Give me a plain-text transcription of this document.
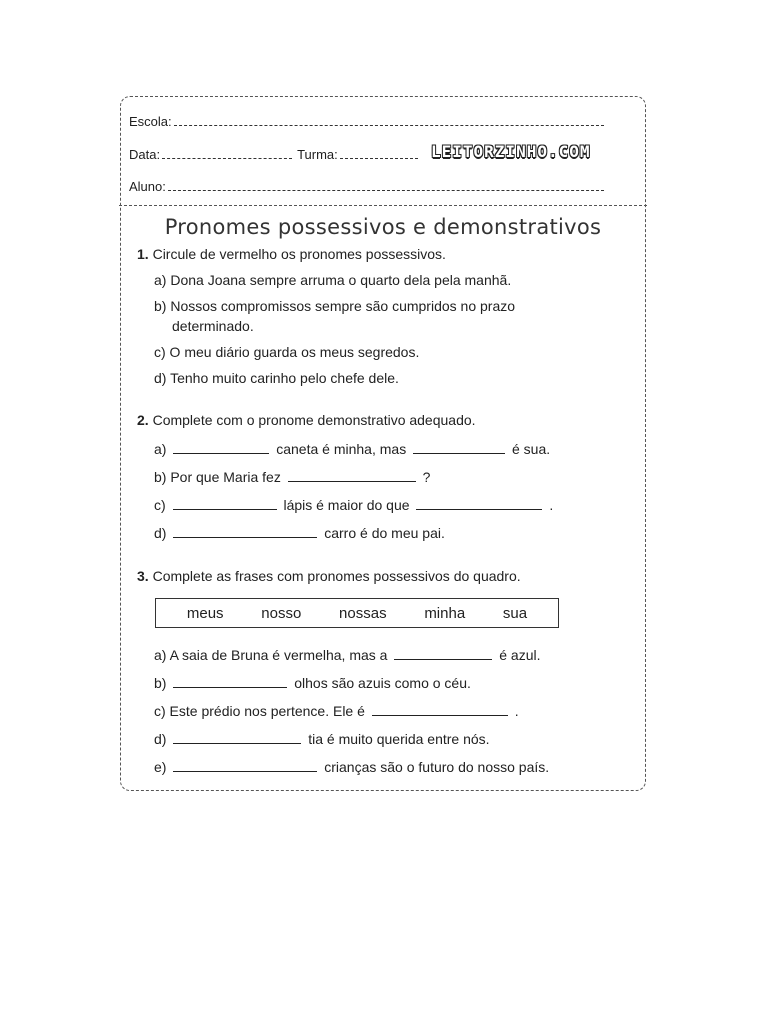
Escola:
Data:	Turma:	LEITORZINHO.COM
Aluno:
Pronomes possessivos e demonstrativos
1. Circule de vermelho os pronomes possessivos.
a) Dona Joana sempre arruma o quarto dela pela manhã.
b) Nossos compromissos sempre são cumpridos no prazo
determinado.
c) O meu diário guarda os meus segredos.
d) Tenho muito carinho pelo chefe dele.
2. Complete com o pronome demonstrativo adequado.
a)	caneta é minha, mas	é sua.
b) Por que Maria fez	?
c)	lápis é maior do que	.
d)	carro é do meu pai.
3. Complete as frases com pronomes possessivos do quadro.
meus	nosso	nossas	minha	sua
a) A saia de Bruna é vermelha, mas a	é azul.
b)	olhos são azuis como o céu.
c) Este prédio nos pertence. Ele é	.
d)	tia é muito querida entre nós.
e)	crianças são o futuro do nosso país.
